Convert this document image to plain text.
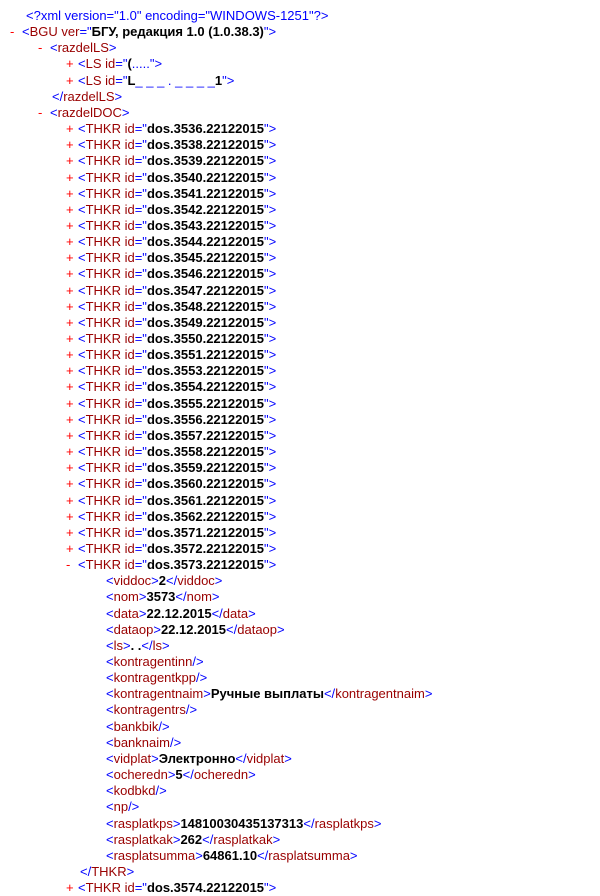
<?xml version="1.0" encoding="WINDOWS-1251"?>
- <BGU ver="БГУ, редакция 1.0 (1.0.38.3)">
- <razdelLS>
+ <LS id="(.....">
+ <LS id="L_ _ _ . _ _ _ _1">
</razdelLS>
- <razdelDOC>
+ <THKR id="dos.3536.22122015">
+ <THKR id="dos.3538.22122015">
+ <THKR id="dos.3539.22122015">
+ <THKR id="dos.3540.22122015">
+ <THKR id="dos.3541.22122015">
+ <THKR id="dos.3542.22122015">
+ <THKR id="dos.3543.22122015">
+ <THKR id="dos.3544.22122015">
+ <THKR id="dos.3545.22122015">
+ <THKR id="dos.3546.22122015">
+ <THKR id="dos.3547.22122015">
+ <THKR id="dos.3548.22122015">
+ <THKR id="dos.3549.22122015">
+ <THKR id="dos.3550.22122015">
+ <THKR id="dos.3551.22122015">
+ <THKR id="dos.3553.22122015">
+ <THKR id="dos.3554.22122015">
+ <THKR id="dos.3555.22122015">
+ <THKR id="dos.3556.22122015">
+ <THKR id="dos.3557.22122015">
+ <THKR id="dos.3558.22122015">
+ <THKR id="dos.3559.22122015">
+ <THKR id="dos.3560.22122015">
+ <THKR id="dos.3561.22122015">
+ <THKR id="dos.3562.22122015">
+ <THKR id="dos.3571.22122015">
+ <THKR id="dos.3572.22122015">
- <THKR id="dos.3573.22122015">
<viddoc>2</viddoc>
<nom>3573</nom>
<data>22.12.2015</data>
<dataop>22.12.2015</dataop>
<ls>. .</ls>
<kontragentinn/>
<kontragentkpp/>
<kontragentnaim>Ручные выплаты</kontragentnaim>
<kontragentrs/>
<bankbik/>
<banknaim/>
<vidplat>Электронно</vidplat>
<ocheredn>5</ocheredn>
<kodbkd/>
<np/>
<rasplatkps>14810030435137313</rasplatkps>
<rasplatkak>262</rasplatkak>
<rasplatsumma>64861.10</rasplatsumma>
</THKR>
+ <THKR id="dos.3574.22122015">
